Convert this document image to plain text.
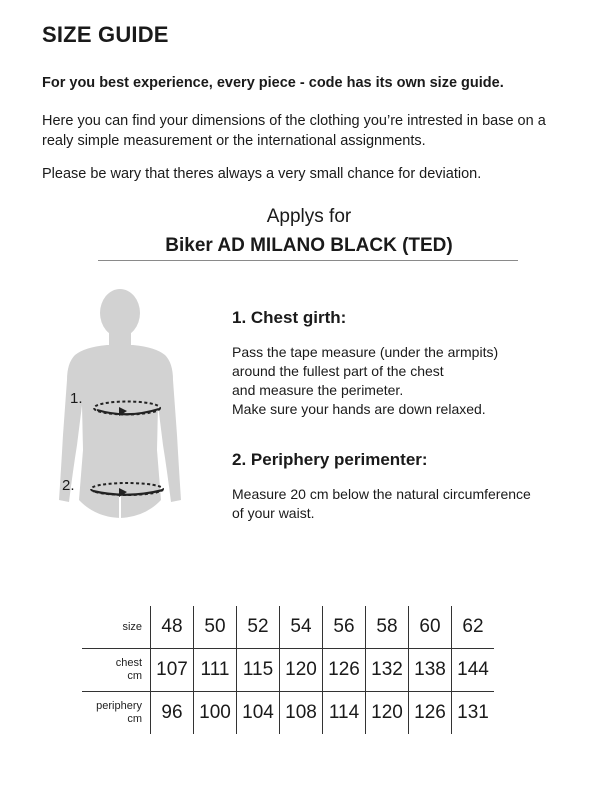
SIZE GUIDE

For you best experience, every piece - code has its own size guide.

Here you can find your dimensions of the clothing you’re intrested in base on a realy simple measurement or the international assignments.

Please be wary that theres always a very small chance for deviation.

Applys for
Biker AD MILANO BLACK (TED)
1.
2.
1. Chest girth:
Pass the tape measure (under the armpits)
around the fullest part of the chest
and measure the perimeter.
Make sure your hands are down relaxed.
2. Periphery perimenter:
Measure 20 cm below the natural circumference
of your waist.
size	48	50	52	54	56	58	60	62
chest
cm	107	111	115	120	126	132	138	144
periphery
cm	96	100	104	108	114	120	126	131
